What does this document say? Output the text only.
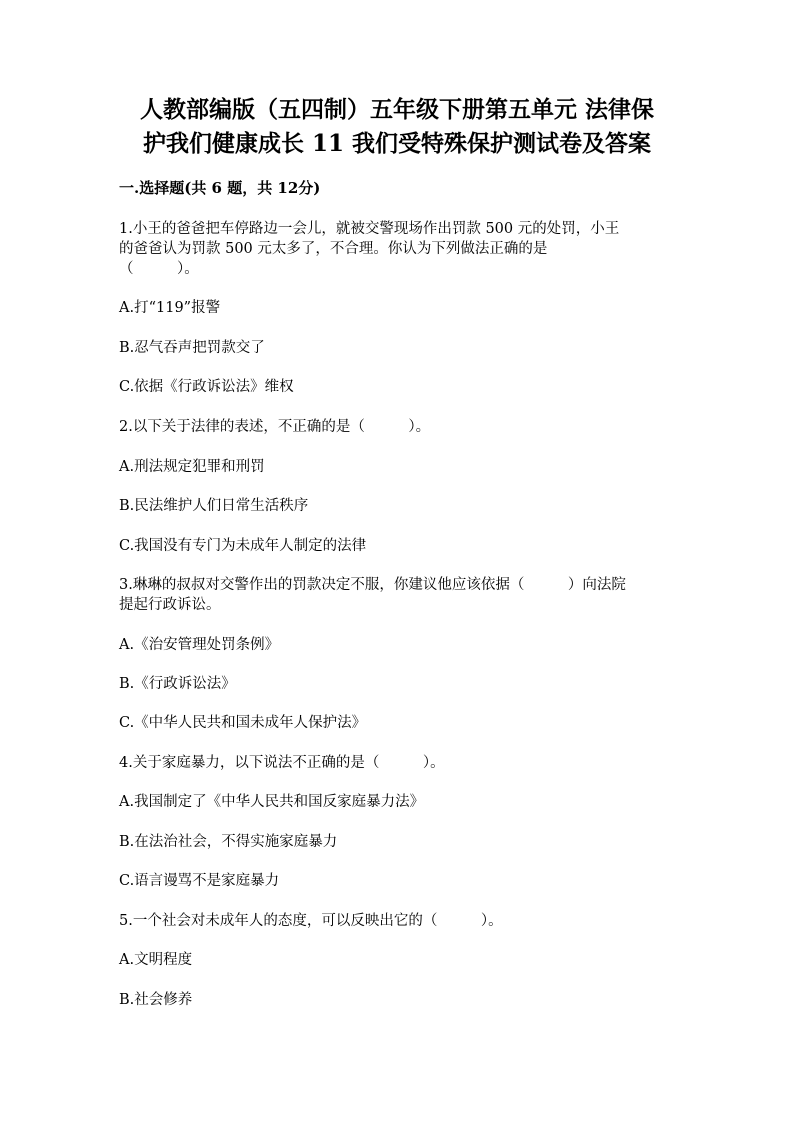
人教部编版（五四制）五年级下册第五单元 法律保
护我们健康成长 11 我们受特殊保护测试卷及答案
一.选择题(共 6 题，共 12分)
1.小王的爸爸把车停路边一会儿，就被交警现场作出罚款 500 元的处罚，小王
的爸爸认为罚款 500 元太多了，不合理。你认为下列做法正确的是
（　　　）。
A.打“119”报警
B.忍气吞声把罚款交了
C.依据《行政诉讼法》维权
2.以下关于法律的表述，不正确的是（　　　）。
A.刑法规定犯罪和刑罚
B.民法维护人们日常生活秩序
C.我国没有专门为未成年人制定的法律
3.琳琳的叔叔对交警作出的罚款决定不服，你建议他应该依据（　　　）向法院
提起行政诉讼。
A.《治安管理处罚条例》
B.《行政诉讼法》
C.《中华人民共和国未成年人保护法》
4.关于家庭暴力，以下说法不正确的是（　　　）。
A.我国制定了《中华人民共和国反家庭暴力法》
B.在法治社会，不得实施家庭暴力
C.语言谩骂不是家庭暴力
5.一个社会对未成年人的态度，可以反映出它的（　　　）。
A.文明程度
B.社会修养
